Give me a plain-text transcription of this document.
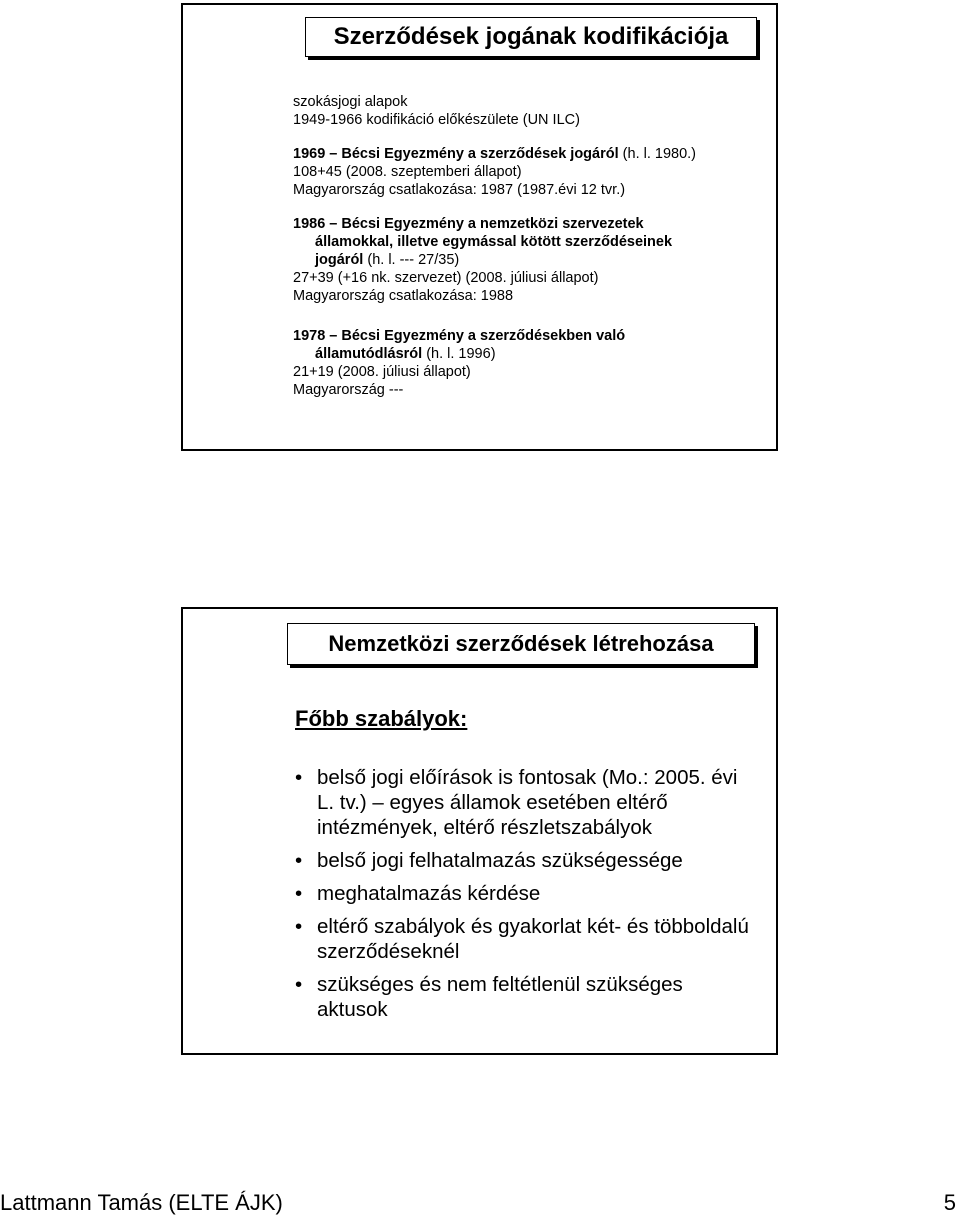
Szerződések jogának kodifikációja
szokásjogi alapok
1949-1966 kodifikáció előkészülete (UN ILC)
1969 – Bécsi Egyezmény a szerződések jogáról (h. l. 1980.)
108+45 (2008. szeptemberi állapot)
Magyarország csatlakozása: 1987 (1987.évi 12 tvr.)
1986 – Bécsi Egyezmény a nemzetközi szervezetek
államokkal, illetve egymással kötött szerződéseinek
jogáról (h. l. --- 27/35)
27+39 (+16 nk. szervezet) (2008. júliusi állapot)
Magyarország csatlakozása: 1988
1978 – Bécsi Egyezmény a szerződésekben való
államutódlásról (h. l. 1996)
21+19 (2008. júliusi állapot)
Magyarország ---
Nemzetközi szerződések létrehozása
Főbb szabályok:
• belső jogi előírások is fontosak (Mo.: 2005. évi L. tv.) – egyes államok esetében eltérő intézmények, eltérő részletszabályok
• belső jogi felhatalmazás szükségessége
• meghatalmazás kérdése
• eltérő szabályok és gyakorlat két- és többoldalú szerződéseknél
• szükséges és nem feltétlenül szükséges aktusok
Lattmann Tamás (ELTE ÁJK)	5
